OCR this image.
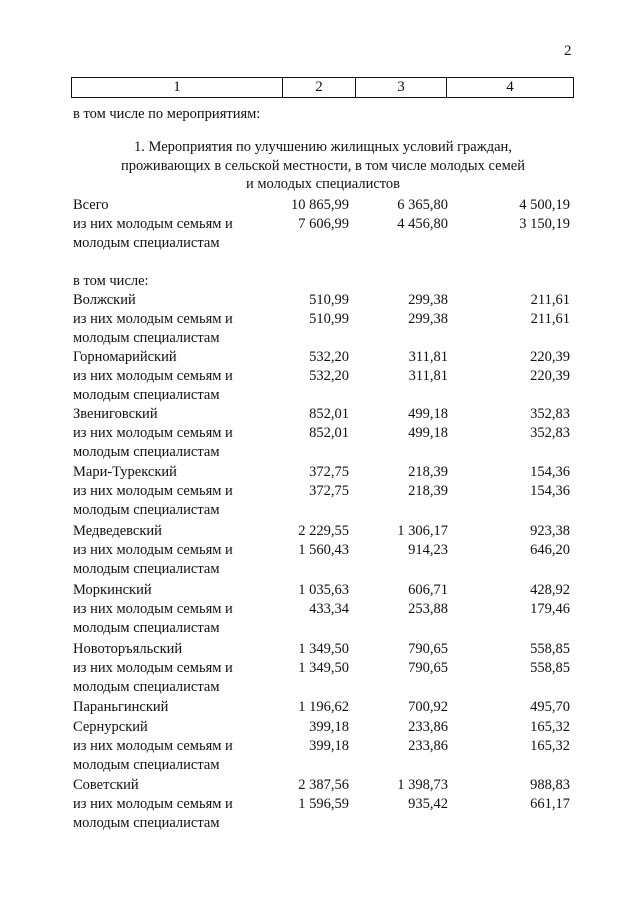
2
1	2	3	4
в том числе по мероприятиям:
1. Мероприятия по улучшению жилищных условий граждан,
проживающих в сельской местности, в том числе молодых семей
и молодых специалистов
Всего	10 865,99	6 365,80	4 500,19
из них молодым семьям и	7 606,99	4 456,80	3 150,19
молодым специалистам
в том числе:
Волжский	510,99	299,38	211,61
из них молодым семьям и	510,99	299,38	211,61
молодым специалистам
Горномарийский	532,20	311,81	220,39
из них молодым семьям и	532,20	311,81	220,39
молодым специалистам
Звениговский	852,01	499,18	352,83
из них молодым семьям и	852,01	499,18	352,83
молодым специалистам
Мари-Турекский	372,75	218,39	154,36
из них молодым семьям и	372,75	218,39	154,36
молодым специалистам
Медведевский	2 229,55	1 306,17	923,38
из них молодым семьям и	1 560,43	914,23	646,20
молодым специалистам
Моркинский	1 035,63	606,71	428,92
из них молодым семьям и	433,34	253,88	179,46
молодым специалистам
Новоторъяльский	1 349,50	790,65	558,85
из них молодым семьям и	1 349,50	790,65	558,85
молодым специалистам
Параньгинский	1 196,62	700,92	495,70
Сернурский	399,18	233,86	165,32
из них молодым семьям и	399,18	233,86	165,32
молодым специалистам
Советский	2 387,56	1 398,73	988,83
из них молодым семьям и	1 596,59	935,42	661,17
молодым специалистам
